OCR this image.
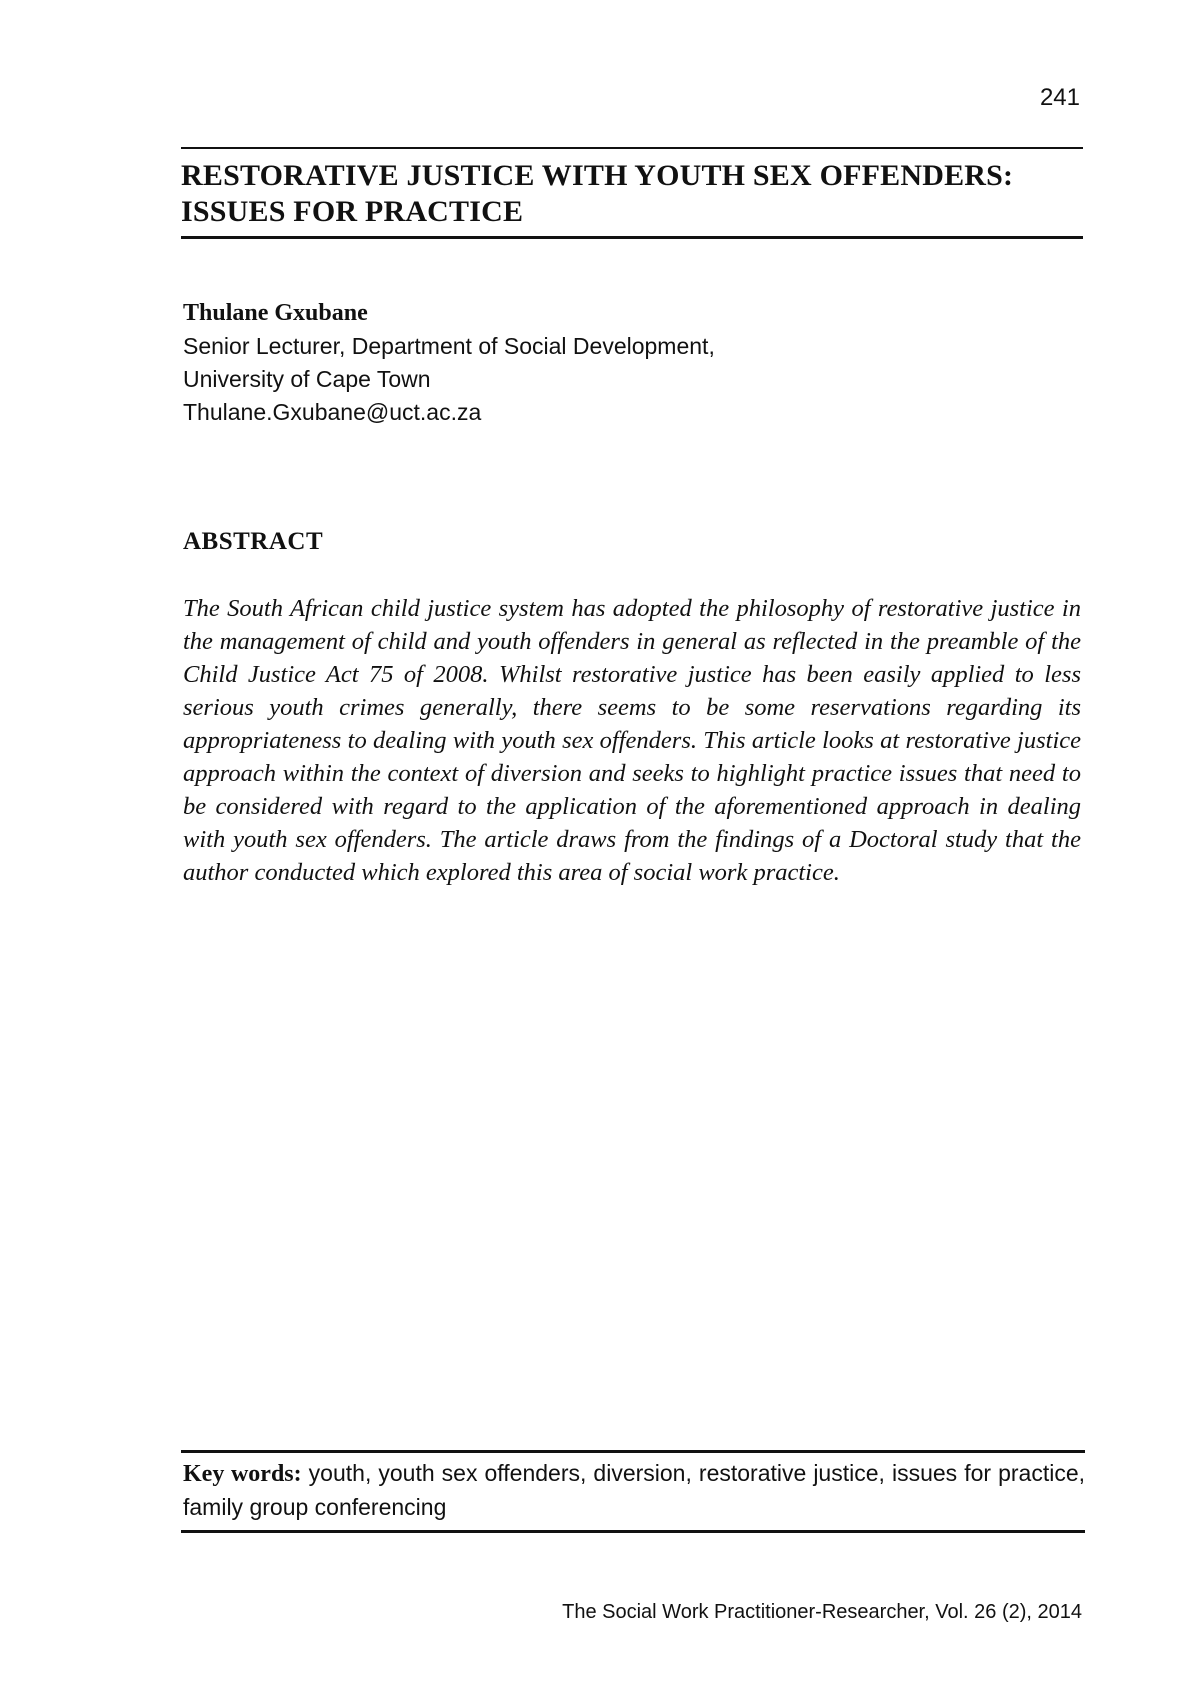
241
RESTORATIVE JUSTICE WITH YOUTH SEX OFFENDERS:
ISSUES FOR PRACTICE
Thulane Gxubane
Senior Lecturer, Department of Social Development,
University of Cape Town
Thulane.Gxubane@uct.ac.za
ABSTRACT

The South African child justice system has adopted the philosophy of restorative justice in the management of child and youth offenders in general as reflected in the preamble of the Child Justice Act 75 of 2008. Whilst restorative justice has been easily applied to less serious youth crimes generally, there seems to be some reservations regarding its appropriateness to dealing with youth sex offenders. This article looks at restorative justice approach within the context of diversion and seeks to highlight practice issues that need to be considered with regard to the application of the aforementioned approach in dealing with youth sex offenders. The article draws from the findings of a Doctoral study that the author conducted which explored this area of social work practice.

Key words: youth, youth sex offenders, diversion, restorative justice, issues for practice, family group conferencing
The Social Work Practitioner-Researcher, Vol. 26 (2), 2014
